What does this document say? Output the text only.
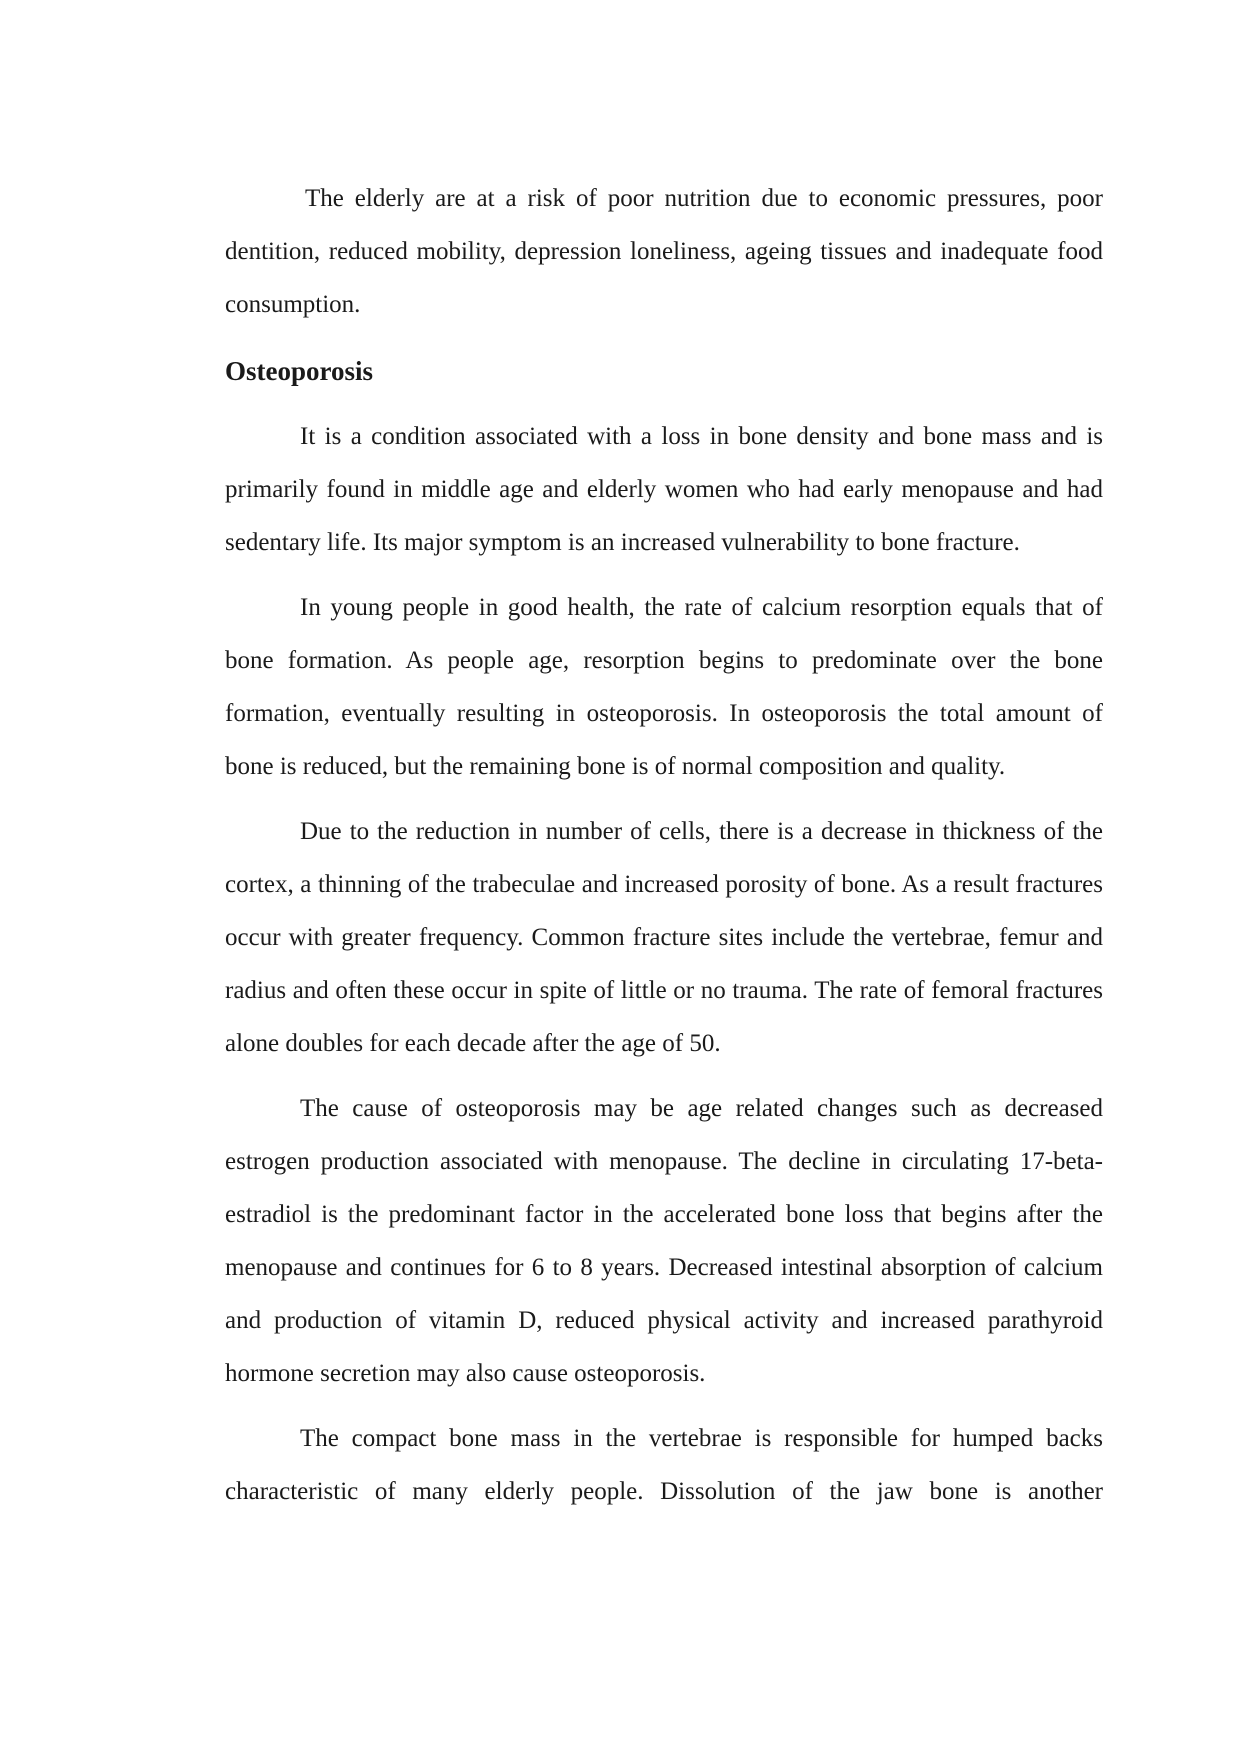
The elderly are at a risk of poor nutrition due to economic pressures, poor dentition, reduced mobility, depression loneliness, ageing tissues and inadequate food consumption.

Osteoporosis

It is a condition associated with a loss in bone density and bone mass and is primarily found in middle age and elderly women who had early menopause and had sedentary life. Its major symptom is an increased vulnerability to bone fracture.

In young people in good health, the rate of calcium resorption equals that of bone formation. As people age, resorption begins to predominate over the bone formation, eventually resulting in osteoporosis. In osteoporosis the total amount of bone is reduced, but the remaining bone is of normal composition and quality.

Due to the reduction in number of cells, there is a decrease in thickness of the cortex, a thinning of the trabeculae and increased porosity of bone. As a result fractures occur with greater frequency. Common fracture sites include the vertebrae, femur and radius and often these occur in spite of little or no trauma. The rate of femoral fractures alone doubles for each decade after the age of 50.

The cause of osteoporosis may be age related changes such as decreased estrogen production associated with menopause. The decline in circulating 17-beta-estradiol is the predominant factor in the accelerated bone loss that begins after the menopause and continues for 6 to 8 years. Decreased intestinal absorption of calcium and production of vitamin D, reduced physical activity and increased parathyroid hormone secretion may also cause osteoporosis.

The compact bone mass in the vertebrae is responsible for humped backs characteristic of many elderly people. Dissolution of the jaw bone is another
